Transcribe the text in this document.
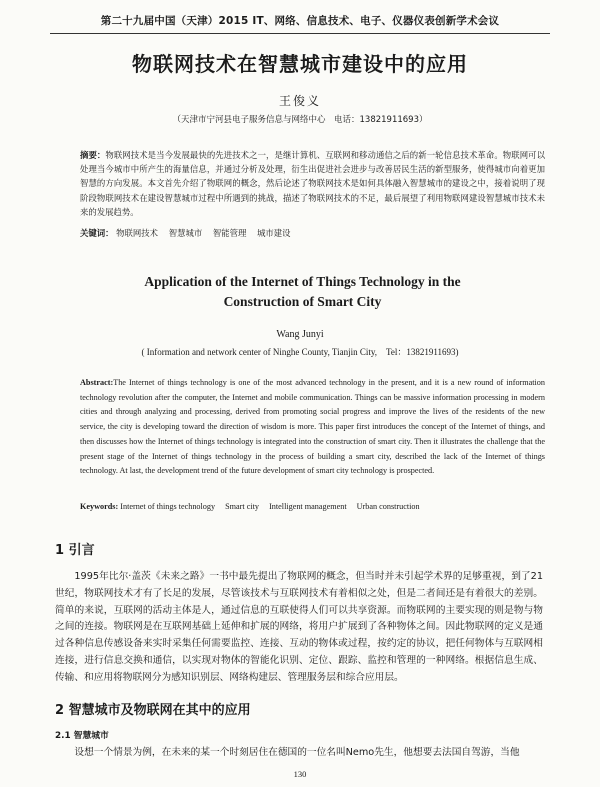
第二十九届中国（天津）2015 IT、网络、信息技术、电子、仪器仪表创新学术会议
物联网技术在智慧城市建设中的应用
王俊义
（天津市宁河县电子服务信息与网络中心　电话：13821911693）
摘要：物联网技术是当今发展最快的先进技术之一，是继计算机、互联网和移动通信之后的新一轮信息技术革命。物联网可以处理当今城市中所产生的海量信息，并通过分析及处理，衍生出促进社会进步与改善居民生活的新型服务，使得城市向着更加智慧的方向发展。本文首先介绍了物联网的概念，然后论述了物联网技术是如何具体融入智慧城市的建设之中，接着说明了现阶段物联网技术在建设智慧城市过程中所遇到的挑战，描述了物联网技术的不足，最后展望了利用物联网建设智慧城市技术未来的发展趋势。
关键词： 物联网技术 智慧城市 智能管理 城市建设
Application of the Internet of Things Technology in the
Construction of Smart City
Wang Junyi
( Information and network center of Ninghe County, Tianjin City,　Tel：13821911693)
Abstract:The Internet of things technology is one of the most advanced technology in the present, and it is a new round of information technology revolution after the computer, the Internet and mobile communication. Things can be massive information processing in modern cities and through analyzing and processing, derived from promoting social progress and improve the lives of the residents of the new service, the city is developing toward the direction of wisdom is more. This paper first introduces the concept of the Internet of things, and then discusses how the Internet of things technology is integrated into the construction of smart city. Then it illustrates the challenge that the present stage of the Internet of things technology in the process of building a smart city, described the lack of the Internet of things technology. At last, the development trend of the future development of smart city technology is prospected.
Keywords: Internet of things technology Smart city Intelligent management Urban construction
1 引言
1995年比尔·盖茨《未来之路》一书中最先提出了物联网的概念，但当时并未引起学术界的足够重视，到了21世纪，物联网技术才有了长足的发展，尽管该技术与互联网技术有着相似之处，但是二者间还是有着很大的差别。简单的来说，互联网的活动主体是人，通过信息的互联使得人们可以共享资源。而物联网的主要实现的则是物与物之间的连接。物联网是在互联网基础上延伸和扩展的网络，将用户扩展到了各种物体之间。因此物联网的定义是通过各种信息传感设备来实时采集任何需要监控、连接、互动的物体或过程，按约定的协议，把任何物体与互联网相连接，进行信息交换和通信，以实现对物体的智能化识别、定位、跟踪、监控和管理的一种网络。根据信息生成、传输、和应用将物联网分为感知识别层、网络构建层、管理服务层和综合应用层。
2 智慧城市及物联网在其中的应用
2.1 智慧城市
设想一个情景为例，在未来的某一个时刻居住在德国的一位名叫Nemo先生，他想要去法国自驾游，当他
130
